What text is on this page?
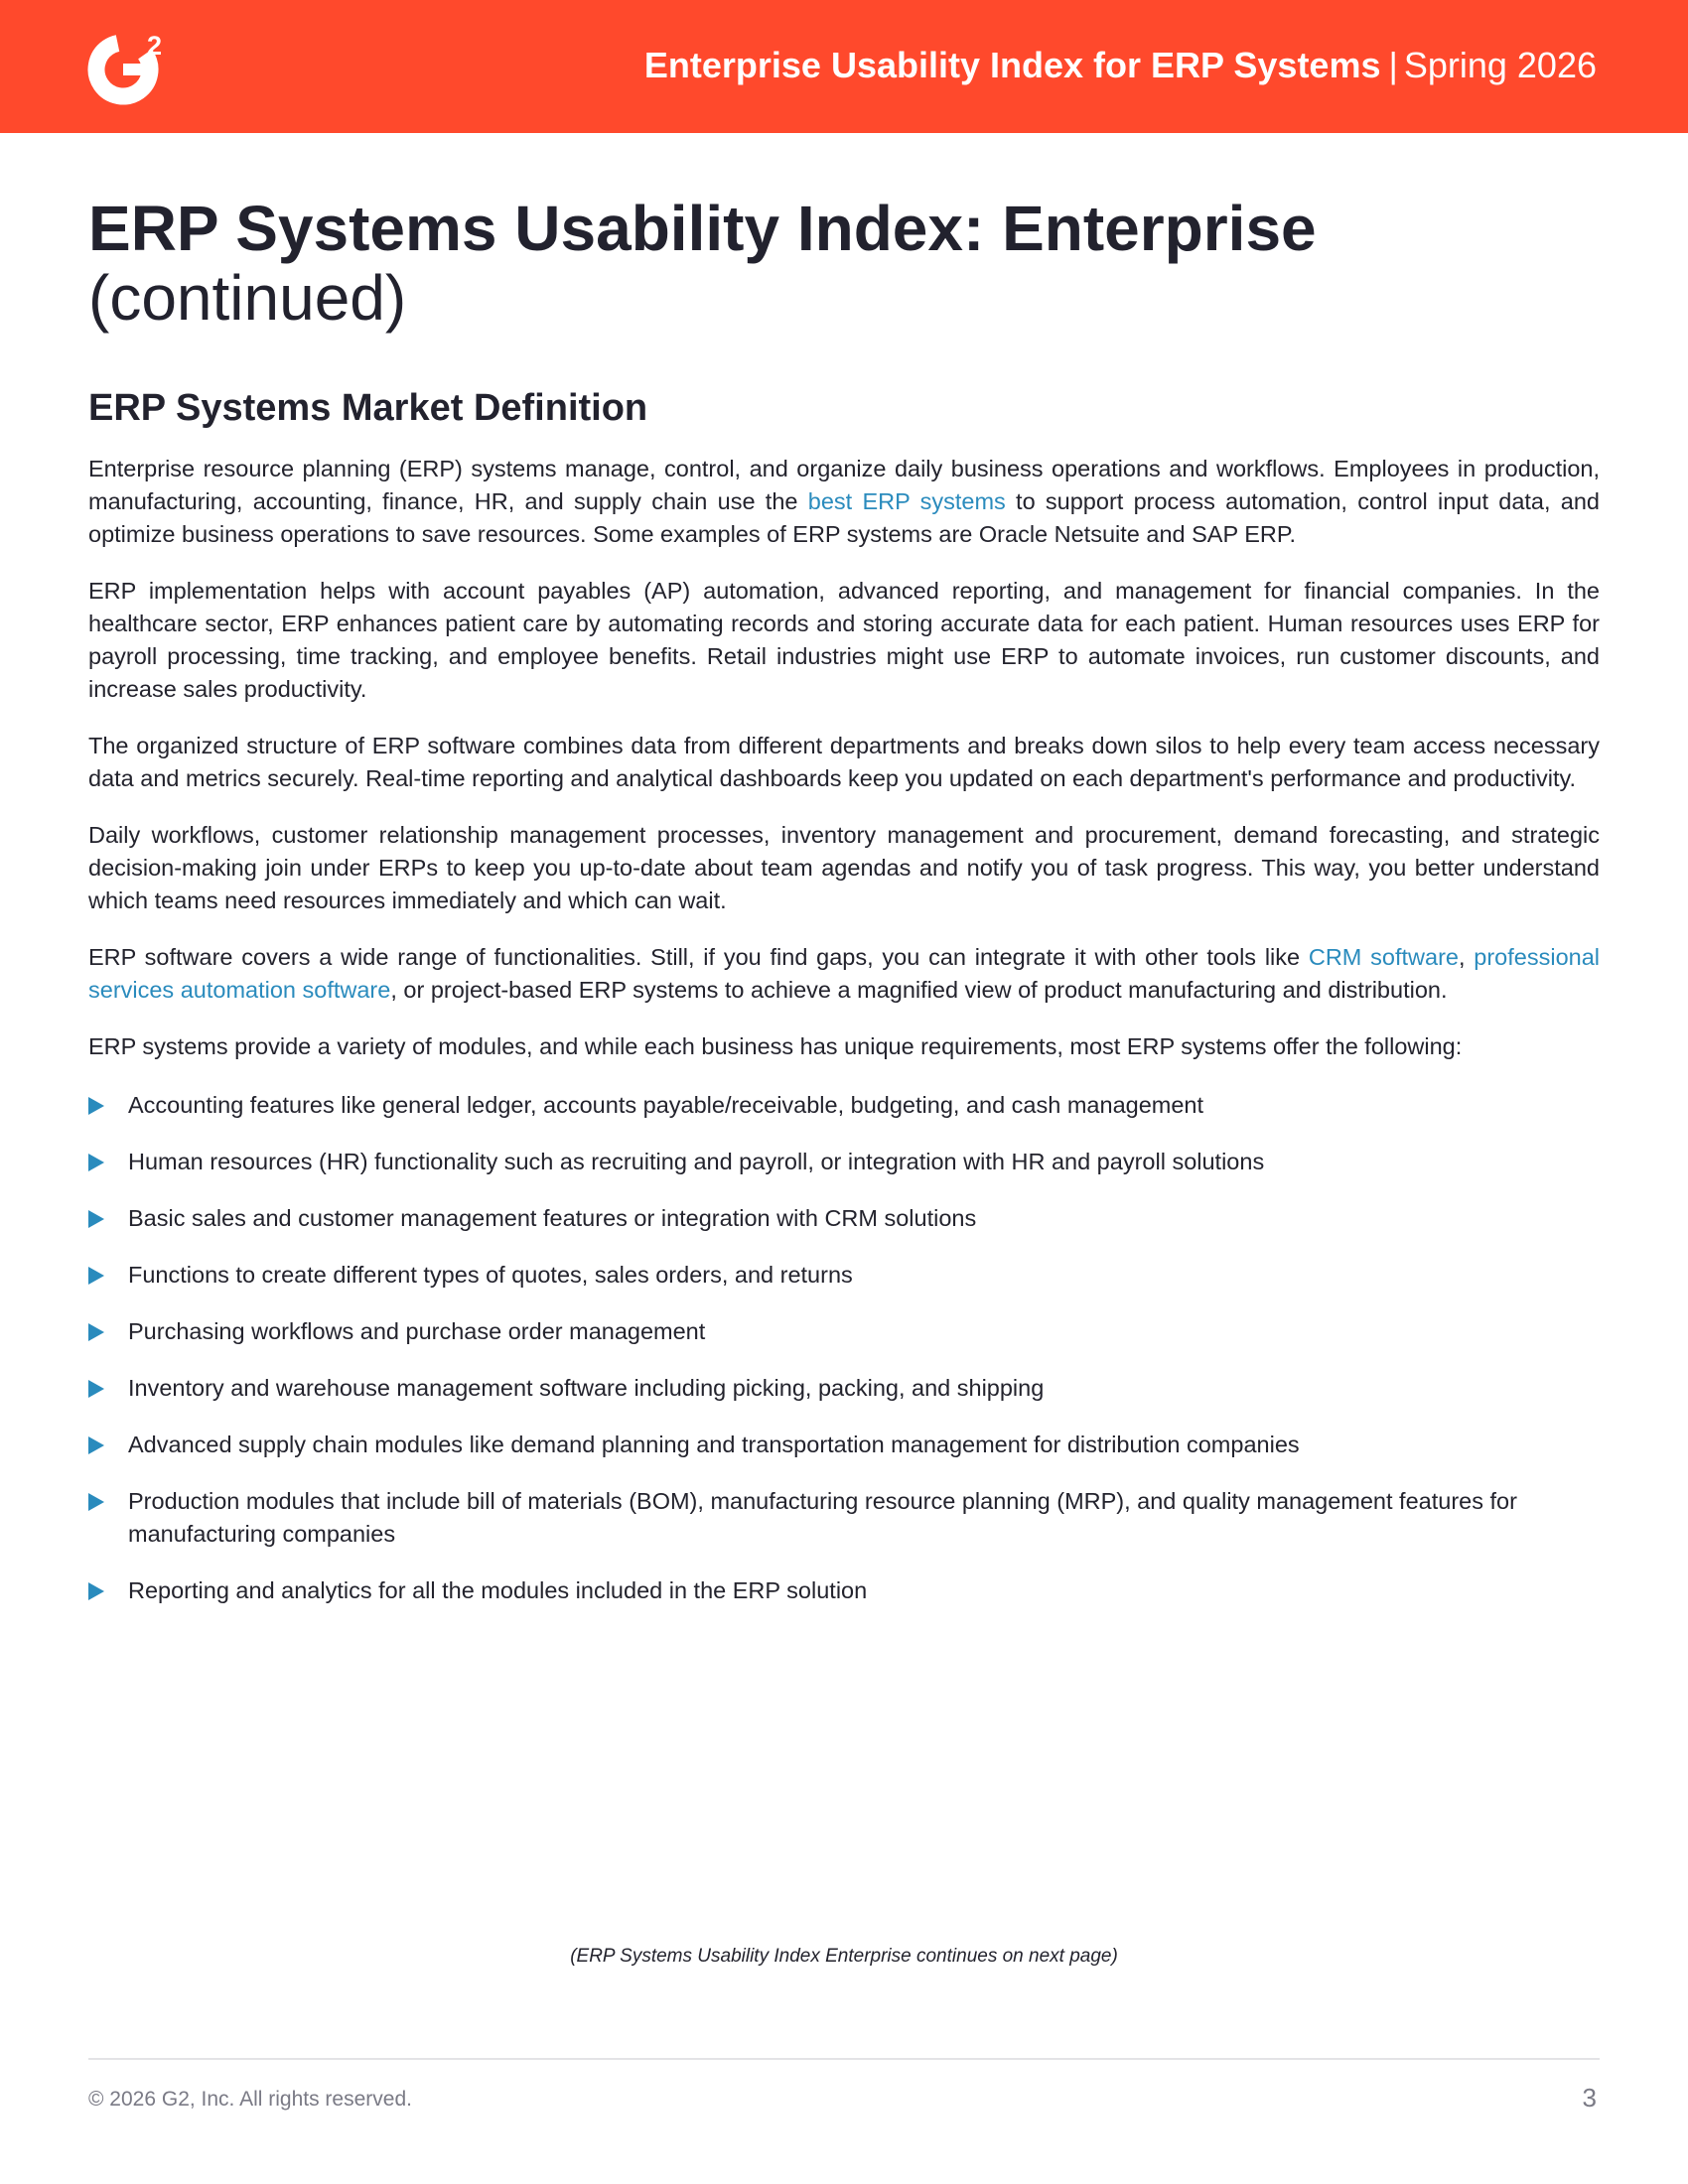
2	Enterprise Usability Index for ERP Systems | Spring 2026
ERP Systems Usability Index: Enterprise
(continued)
ERP Systems Market Definition

Enterprise resource planning (ERP) systems manage, control, and organize daily business operations and workflows. Employees in production, manufacturing, accounting, finance, HR, and supply chain use the best ERP systems to support process automation, control input data, and optimize business operations to save resources. Some examples of ERP systems are Oracle Netsuite and SAP ERP.

ERP implementation helps with account payables (AP) automation, advanced reporting, and management for financial companies. In the healthcare sector, ERP enhances patient care by automating records and storing accurate data for each patient. Human resources uses ERP for payroll processing, time tracking, and employee benefits. Retail industries might use ERP to automate invoices, run customer discounts, and increase sales productivity.

The organized structure of ERP software combines data from different departments and breaks down silos to help every team access necessary data and metrics securely. Real-time reporting and analytical dashboards keep you updated on each department's performance and productivity.

Daily workflows, customer relationship management processes, inventory management and procurement, demand forecasting, and strategic decision-making join under ERPs to keep you up-to-date about team agendas and notify you of task progress. This way, you better understand which teams need resources immediately and which can wait.

ERP software covers a wide range of functionalities. Still, if you find gaps, you can integrate it with other tools like CRM software, professional services automation software, or project-based ERP systems to achieve a magnified view of product manufacturing and distribution.

ERP systems provide a variety of modules, and while each business has unique requirements, most ERP systems offer the following:

Accounting features like general ledger, accounts payable/receivable, budgeting, and cash management
Human resources (HR) functionality such as recruiting and payroll, or integration with HR and payroll solutions
Basic sales and customer management features or integration with CRM solutions
Functions to create different types of quotes, sales orders, and returns
Purchasing workflows and purchase order management
Inventory and warehouse management software including picking, packing, and shipping
Advanced supply chain modules like demand planning and transportation management for distribution companies
Production modules that include bill of materials (BOM), manufacturing resource planning (MRP), and quality management features for manufacturing companies
Reporting and analytics for all the modules included in the ERP solution
(ERP Systems Usability Index Enterprise continues on next page)
© 2026 G2, Inc. All rights reserved.	3
